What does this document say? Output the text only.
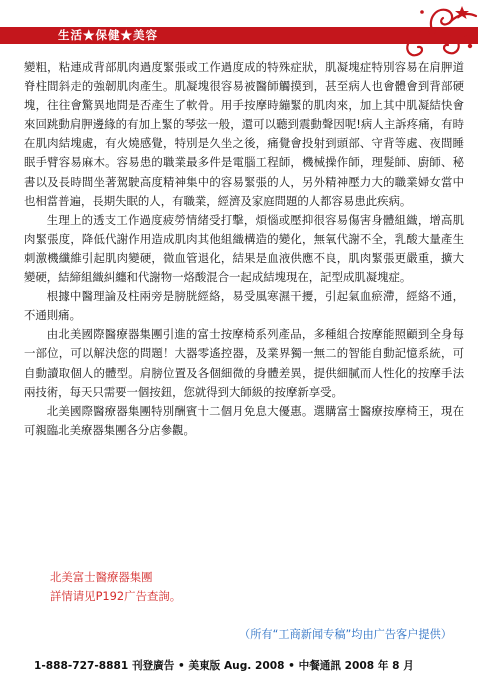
生活★保健★美容

變粗，粘連成背部肌肉過度緊張或工作過度成的特殊症狀，肌凝塊症特別容易在肩胛道脊柱間斜走的強韌肌肉產生。肌凝塊很容易被醫師觸摸到，甚至病人也會體會到背部硬塊，往往會驚異地問是否產生了軟骨。用手按摩時繃緊的肌肉來，加上其中肌凝結快會來回跳動肩胛邊緣的有加上緊的琴弦一般，還可以聽到震動聲因呢!病人主訴疼痛，有時在肌肉結塊處，有火燒感覺，特別是久坐之後，痛覺會投射到頭部、守背等處、夜間睡眠手臂容易麻木。容易患的職業最多件是電腦工程師，機械操作師，理髮師、廚師、秘書以及長時間坐著駕駛高度精神集中的容易緊張的人，另外精神壓力大的職業婦女當中也相當普遍，長期失眠的人，有職業，經濟及家庭問題的人都容易患此疾病。

生理上的透支工作過度疲勞情緒受打擊，煩惱或壓抑很容易傷害身體組織，增高肌肉緊張度，降低代謝作用造成肌肉其他組織構造的變化，無氧代謝不全，乳酸大量產生刺激機纖維引起肌肉變硬，微血管退化，結果是血液供應不良，肌肉緊張更嚴重，擴大變硬，結締組織糾纏和代謝物一烙酸混合一起成結塊現在，記型成肌凝塊症。

根據中醫理論及柱兩旁是膀胱經絡，易受風寒濕干擾，引起氣血瘀滯，經絡不通，不通則痛。

由北美國際醫療器集團引進的富士按摩椅系列產品，多種組合按摩能照顧到全身每一部位，可以解決您的問題！大器零遙控器，及業界獨一無二的智能自動記憶系統，可自動讀取個人的體型。肩膀位置及各個細微的身體差異，提供細膩而人性化的按摩手法兩技術，每天只需要一個按鈕，您就得到大師級的按摩新享受。

北美國際醫療器集團特別酬賓十二個月免息大優惠。選購富士醫療按摩椅王，現在可親臨北美療器集團各分店參觀。

北美富士醫療器集團
詳情请见P192广告查詢。
（所有“工商新闻专稿”均由广告客户提供）
1-888-727-8881 刊登廣告 • 美東版 Aug. 2008 • 中餐通訊 2008 年 8 月
